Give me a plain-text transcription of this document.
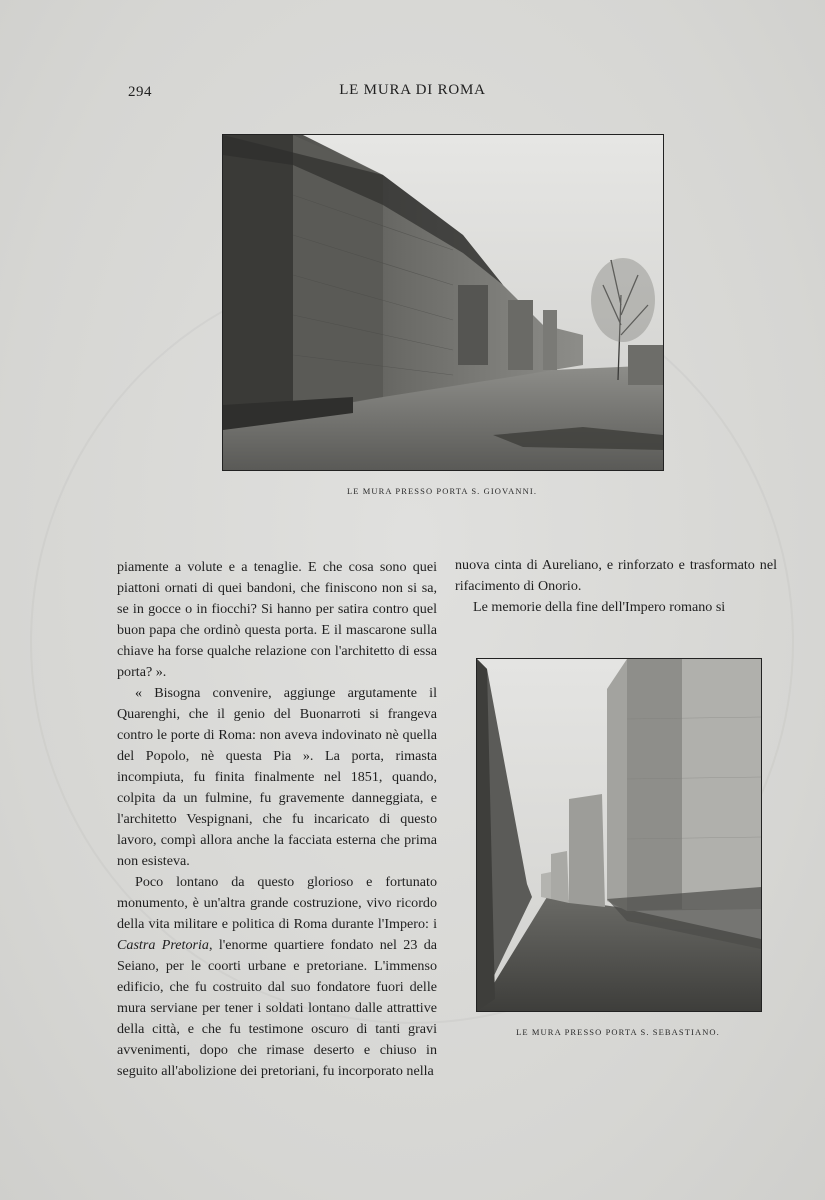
294	LE MURA DI ROMA
LE MURA PRESSO PORTA S. GIOVANNI.

piamente a volute e a tenaglie. E che cosa sono quei piattoni ornati di quei bandoni, che finiscono non si sa, se in gocce o in fiocchi? Si hanno per satira contro quel buon papa che ordinò questa porta. E il mascarone sulla chiave ha forse qualche relazione con l'architetto di essa porta? ».

« Bisogna convenire, aggiunge argutamente il Quarenghi, che il genio del Buonarroti si frangeva contro le porte di Roma: non aveva indovinato nè quella del Popolo, nè questa Pia ». La porta, rimasta incompiuta, fu finita finalmente nel 1851, quando, colpita da un fulmine, fu gravemente danneggiata, e l'architetto Vespignani, che fu incaricato di questo lavoro, compì allora anche la facciata esterna che prima non esisteva.

Poco lontano da questo glorioso e fortunato monumento, è un'altra grande costruzione, vivo ricordo della vita militare e politica di Roma durante l'Impero: i Castra Pretoria, l'enorme quartiere fondato nel 23 da Seiano, per le coorti urbane e pretoriane. L'immenso edificio, che fu costruito dal suo fondatore fuori delle mura serviane per tener i soldati lontano dalle attrattive della città, e che fu testimone oscuro di tanti gravi avvenimenti, dopo che rimase deserto e chiuso in seguito all'abolizione dei pretoriani, fu incorporato nella

nuova cinta di Aureliano, e rinforzato e trasformato nel rifacimento di Onorio.

Le memorie della fine dell'Impero romano si

LE MURA PRESSO PORTA S. SEBASTIANO.
